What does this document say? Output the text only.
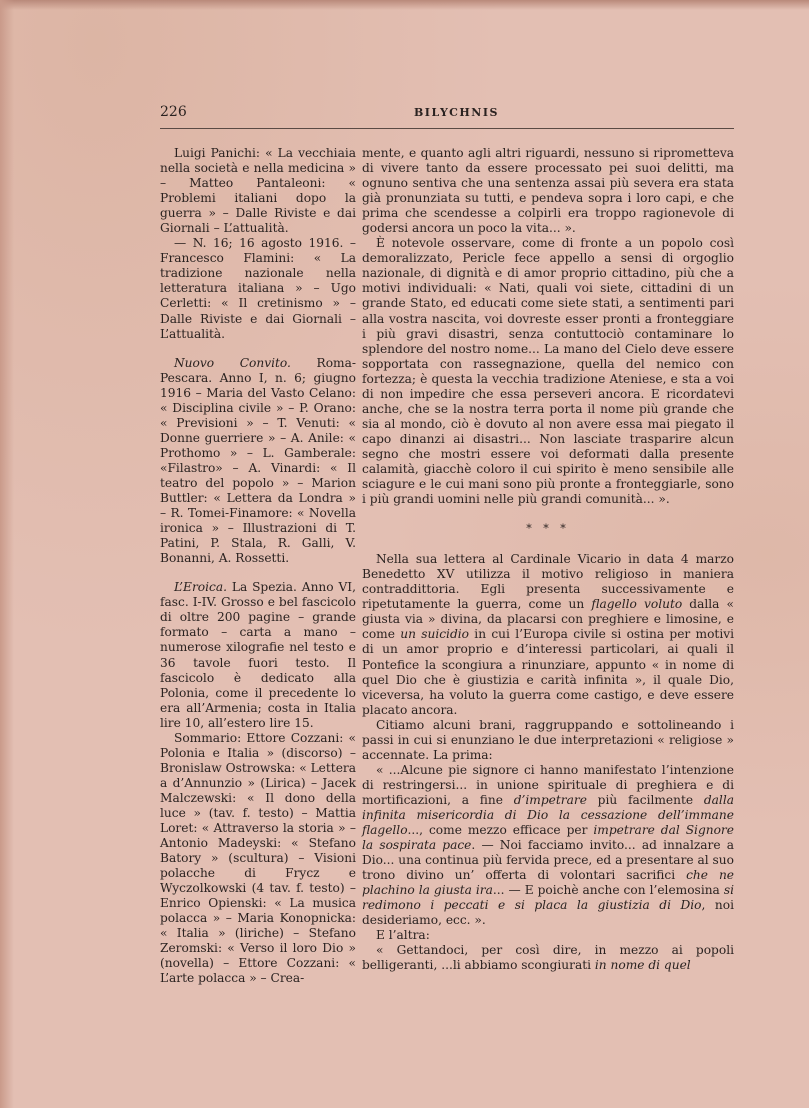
226	BILYCHNIS

Luigi Panichi: « La vecchiaia nella società e nella medicina » – Matteo Pantaleoni: « Problemi italiani dopo la guerra » – Dalle Riviste e dai Giornali – L’attualità.

— N. 16; 16 agosto 1916. – Francesco Flamini: « La tradizione nazionale nella letteratura italiana » – Ugo Cerletti: « Il cretinismo » – Dalle Riviste e dai Giornali – L’attualità.

Nuovo Convito. Roma-Pescara. Anno I, n. 6; giugno 1916 – Maria del Vasto Celano: « Disciplina civile » – P. Orano: « Previsioni » – T. Venuti: « Donne guerriere » – A. Anile: « Prothomo » – L. Gamberale: «Filastro» – A. Vinardi: « Il teatro del popolo » – Marion Buttler: « Lettera da Londra » – R. Tomei-Finamore: « Novella ironica » – Illustrazioni di T. Patini, P. Stala, R. Galli, V. Bonanni, A. Rossetti.

L’Eroica. La Spezia. Anno VI, fasc. I-IV. Grosso e bel fascicolo di oltre 200 pagine – grande formato – carta a mano – numerose xilografie nel testo e 36 tavole fuori testo. Il fascicolo è dedicato alla Polonia, come il precedente lo era all’Armenia; costa in Italia lire 10, all’estero lire 15.

Sommario: Ettore Cozzani: « Polonia e Italia » (discorso) – Bronislaw Ostrowska: « Lettera a d’Annunzio » (Lirica) – Jacek Malczewski: « Il dono della luce » (tav. f. testo) – Mattia Loret: « Attraverso la storia » – Antonio Madeyski: « Stefano Batory » (scultura) – Visioni polacche di Frycz e Wyczolkowski (4 tav. f. testo) – Enrico Opienski: « La musica polacca » – Maria Konopnicka: « Italia » (liriche) – Stefano Zeromski: « Verso il loro Dio » (novella) – Ettore Cozzani: « L’arte polacca » – Crea-

mente, e quanto agli altri riguardi, nessuno si riprometteva di vivere tanto da essere processato pei suoi delitti, ma ognuno sentiva che una sentenza assai più severa era stata già pronunziata su tutti, e pendeva sopra i loro capi, e che prima che scendesse a colpirli era troppo ragionevole di godersi ancora un poco la vita... ».

È notevole osservare, come di fronte a un popolo così demoralizzato, Pericle fece appello a sensi di orgoglio nazionale, di dignità e di amor proprio cittadino, più che a motivi individuali: « Nati, quali voi siete, cittadini di un grande Stato, ed educati come siete stati, a sentimenti pari alla vostra nascita, voi dovreste esser pronti a fronteggiare i più gravi disastri, senza contuttociò contaminare lo splendore del nostro nome... La mano del Cielo deve essere sopportata con rassegnazione, quella del nemico con fortezza; è questa la vecchia tradizione Ateniese, e sta a voi di non impedire che essa perseveri ancora. E ricordatevi anche, che se la nostra terra porta il nome più grande che sia al mondo, ciò è dovuto al non avere essa mai piegato il capo dinanzi ai disastri... Non lasciate trasparire alcun segno che mostri essere voi deformati dalla presente calamità, giacchè coloro il cui spirito è meno sensibile alle sciagure e le cui mani sono più pronte a fronteggiarle, sono i più grandi uomini nelle più grandi comunità... ».

* * *

Nella sua lettera al Cardinale Vicario in data 4 marzo Benedetto XV utilizza il motivo religioso in maniera contraddittoria. Egli presenta successivamente e ripetutamente la guerra, come un flagello voluto dalla « giusta via » divina, da placarsi con preghiere e limosine, e come un suicidio in cui l’Europa civile si ostina per motivi di un amor proprio e d’interessi particolari, ai quali il Pontefice la scongiura a rinunziare, appunto « in nome di quel Dio che è giustizia e carità infinita », il quale Dio, viceversa, ha voluto la guerra come castigo, e deve essere placato ancora.

Citiamo alcuni brani, raggruppando e sottolineando i passi in cui si enunziano le due interpretazioni « religiose » accennate. La prima:

« ...Alcune pie signore ci hanno manifestato l’intenzione di restringersi... in unione spirituale di preghiera e di mortificazioni, a fine d’impetrare più facilmente dalla infinita misericordia di Dio la cessazione dell’immane flagello..., come mezzo efficace per impetrare dal Signore la sospirata pace. — Noi facciamo invito... ad innalzare a Dio... una continua più fervida prece, ed a presentare al suo trono divino un’ offerta di volontari sacrifici che ne plachino la giusta ira... — E poichè anche con l’elemosina si redimono i peccati e si placa la giustizia di Dio, noi desideriamo, ecc. ».

E l’altra:

« Gettandoci, per così dire, in mezzo ai popoli belligeranti, ...li abbiamo scongiurati in nome di quel
